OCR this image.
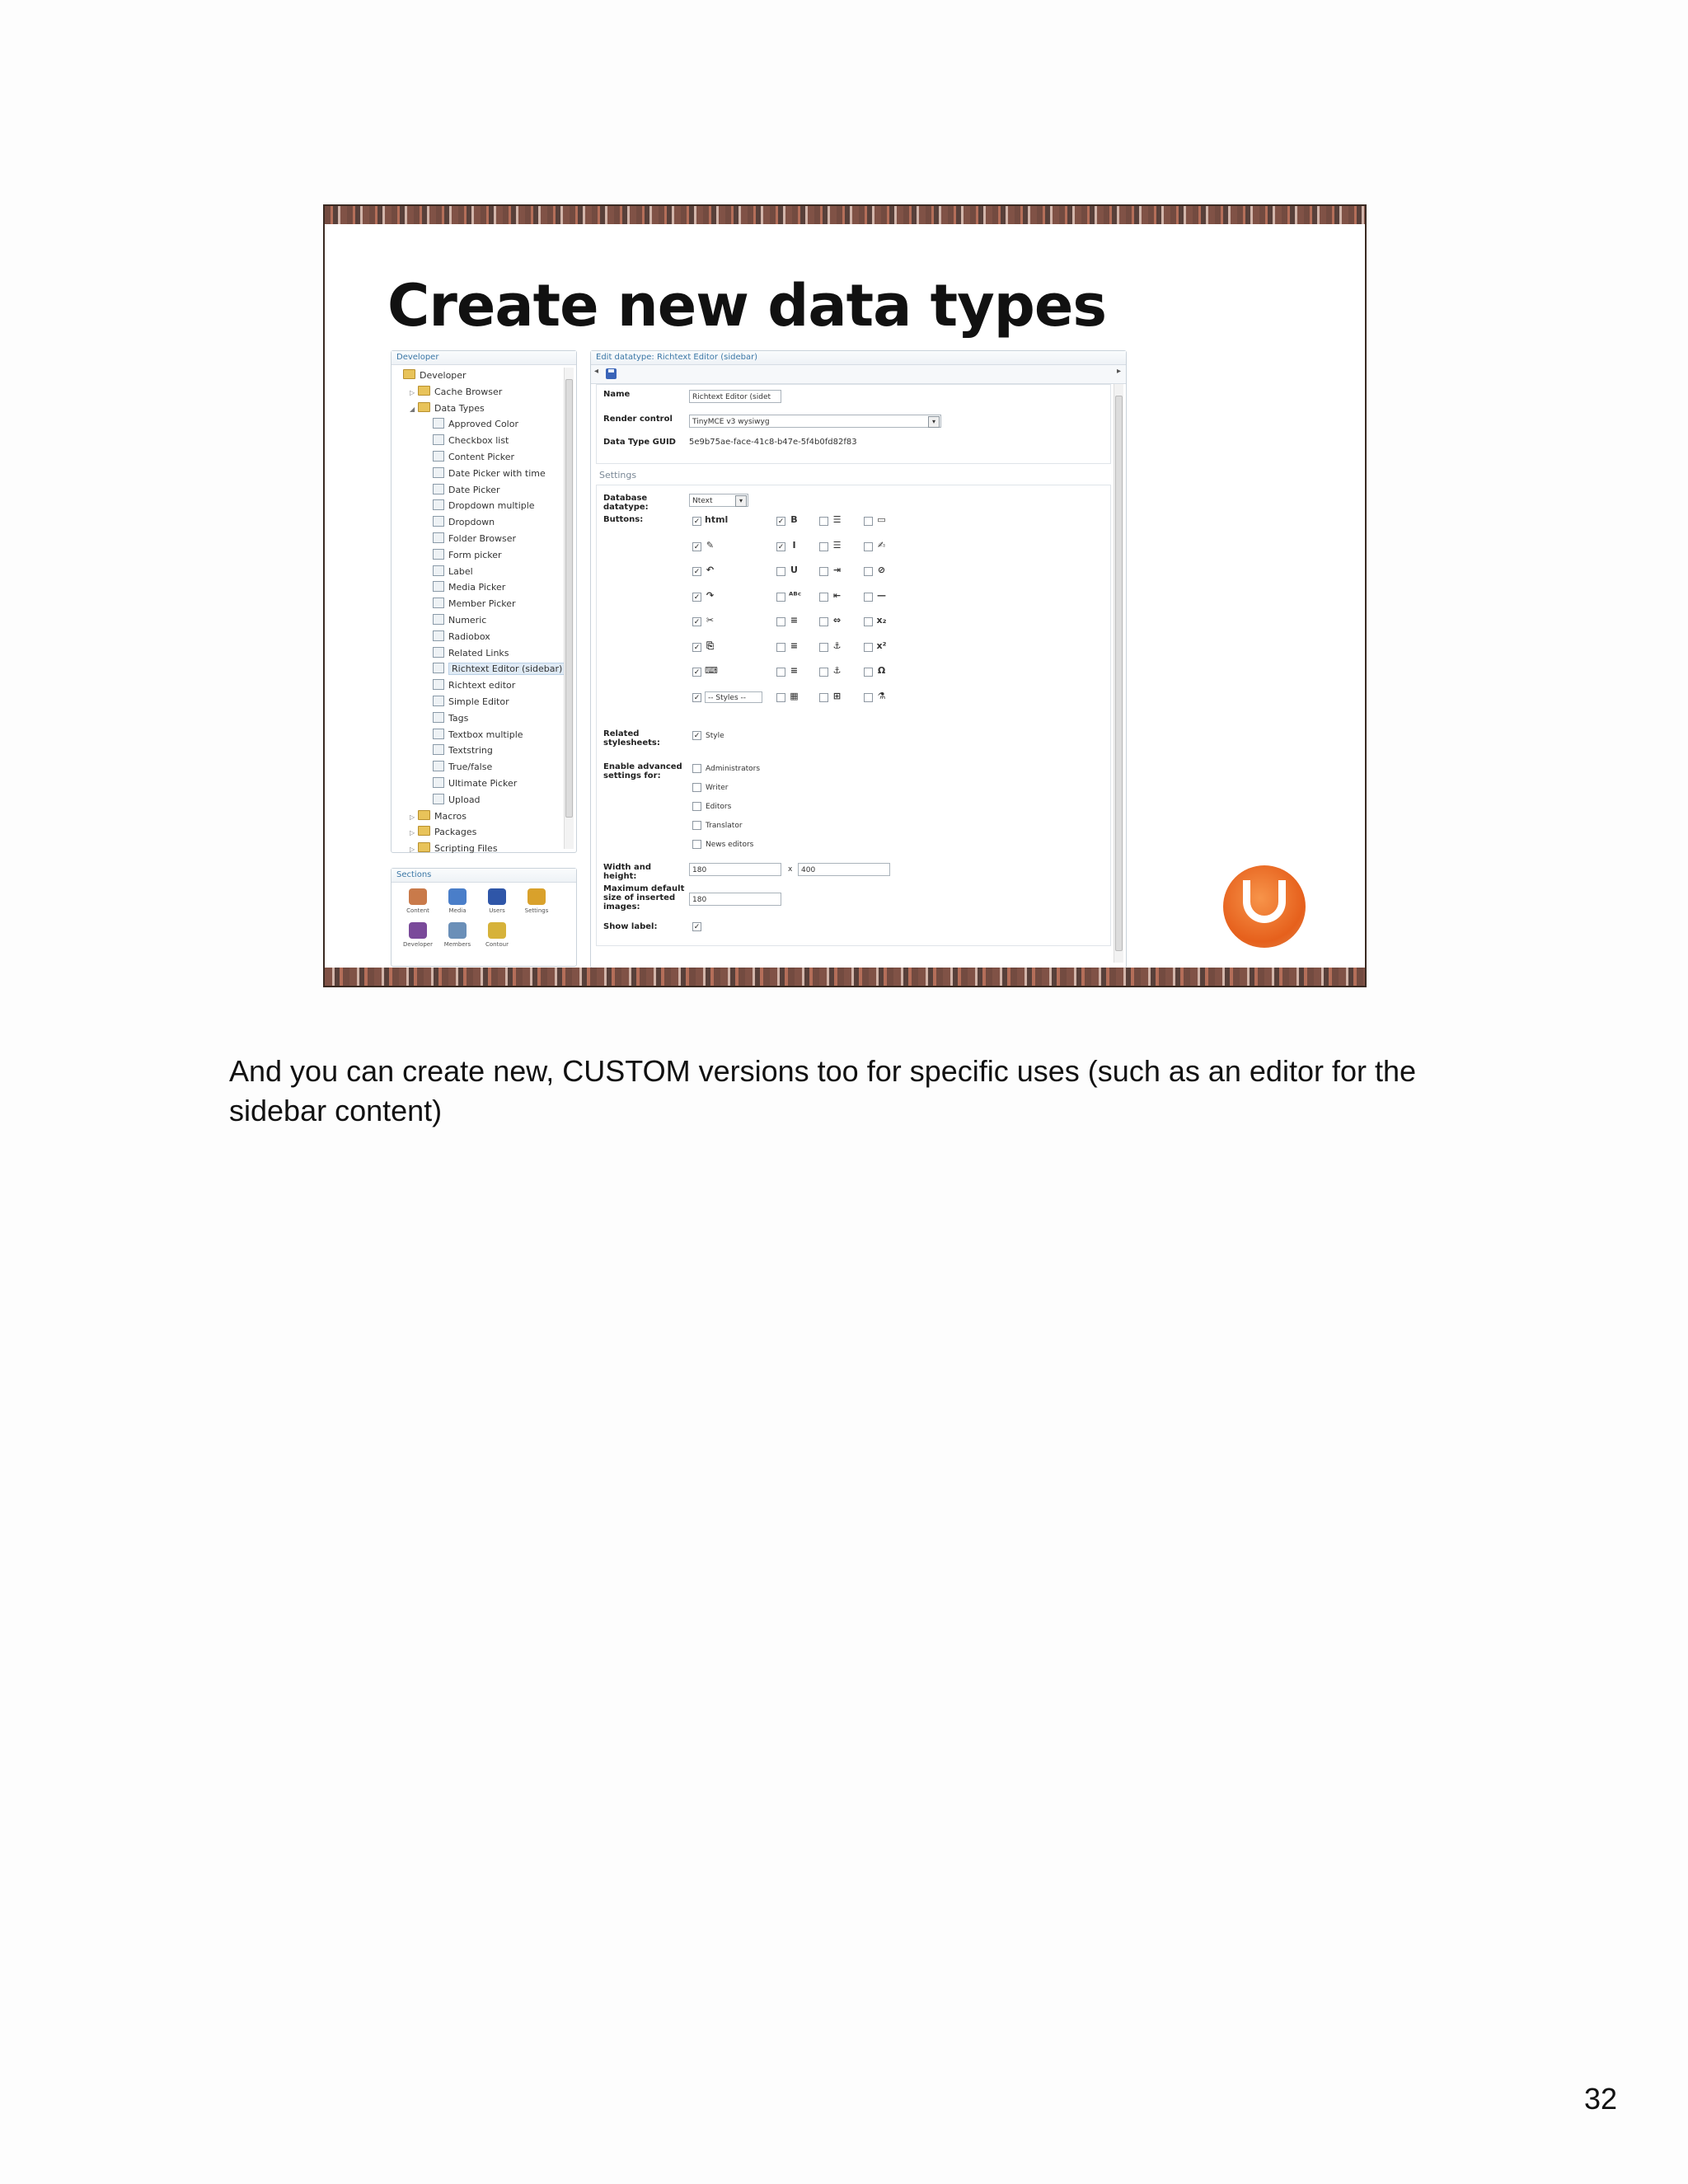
Create new data types
Developer
Developer
▷ Cache Browser
◢ Data Types
Approved Color
Checkbox list
Content Picker
Date Picker with time
Date Picker
Dropdown multiple
Dropdown
Folder Browser
Form picker
Label
Media Picker
Member Picker
Numeric
Radiobox
Related Links
Richtext Editor (sidebar)
Richtext editor
Simple Editor
Tags
Textbox multiple
Textstring
True/false
Ultimate Picker
Upload
▷ Macros
▷ Packages
▷ Scripting Files
Sections
Content	Media	Users	Settings
Developer	Members	Contour
Edit datatype: Richtext Editor (sidebar)
◂	▸
Name	Richtext Editor (sidet
Render control	TinyMCE v3 wysiwyg	▾
Data Type GUID 5e9b75ae-face-41c8-b47e-5f4b0fd82f83
Settings
Database datatype:
Ntext	▾
Buttons:	✓ html
✓ ✎
✓ ↶
✓ ↷
✓ ✂
✓ ⎘
✓ ⌨
✓	-- Styles --
✓ B
✓ I
U
ᴬᴮᶜ
≡
≡
≡
▦
☰
☰
⇥
⇤
⇔
⚓
⚓
⊞
▭
✍
⊘
—
x₂
x²
Ω
⚗
Related stylesheets:
✓ Style
Enable advanced settings for:
Administrators
Writer
Editors
Translator
News editors
Width and height:
180	x	400
Maximum default size of inserted images:
180
Show label:	✓
And you can create new, CUSTOM versions too for specific uses (such as an editor for the sidebar content)
32
